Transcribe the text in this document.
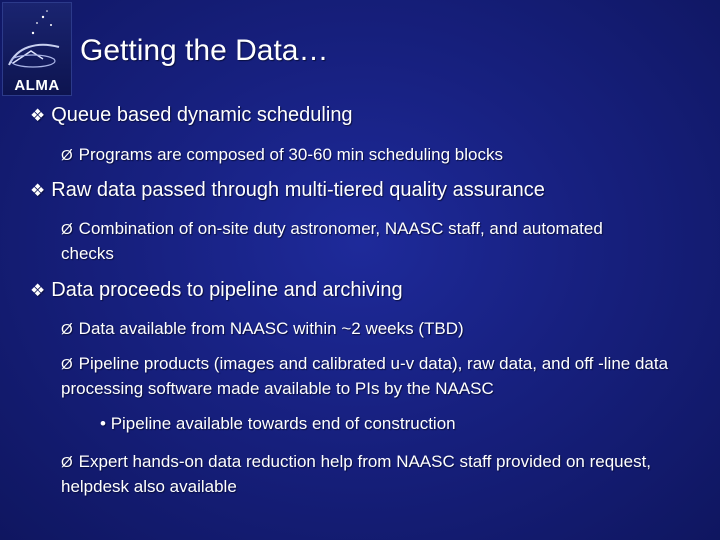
ALMA
Getting the Data…
❖ Queue based dynamic scheduling
Ø Programs are composed of 30-60 min scheduling blocks
❖ Raw data passed through multi-tiered quality assurance
Ø Combination of on-site duty astronomer, NAASC staff, and automated checks
❖ Data proceeds to pipeline and archiving
Ø Data available from NAASC within ~2 weeks (TBD)
Ø Pipeline products (images and calibrated u-v data), raw data, and off -line data processing software made available to PIs by the NAASC
• Pipeline available towards end of construction
Ø Expert hands-on data reduction help from NAASC staff provided on request, helpdesk also available
